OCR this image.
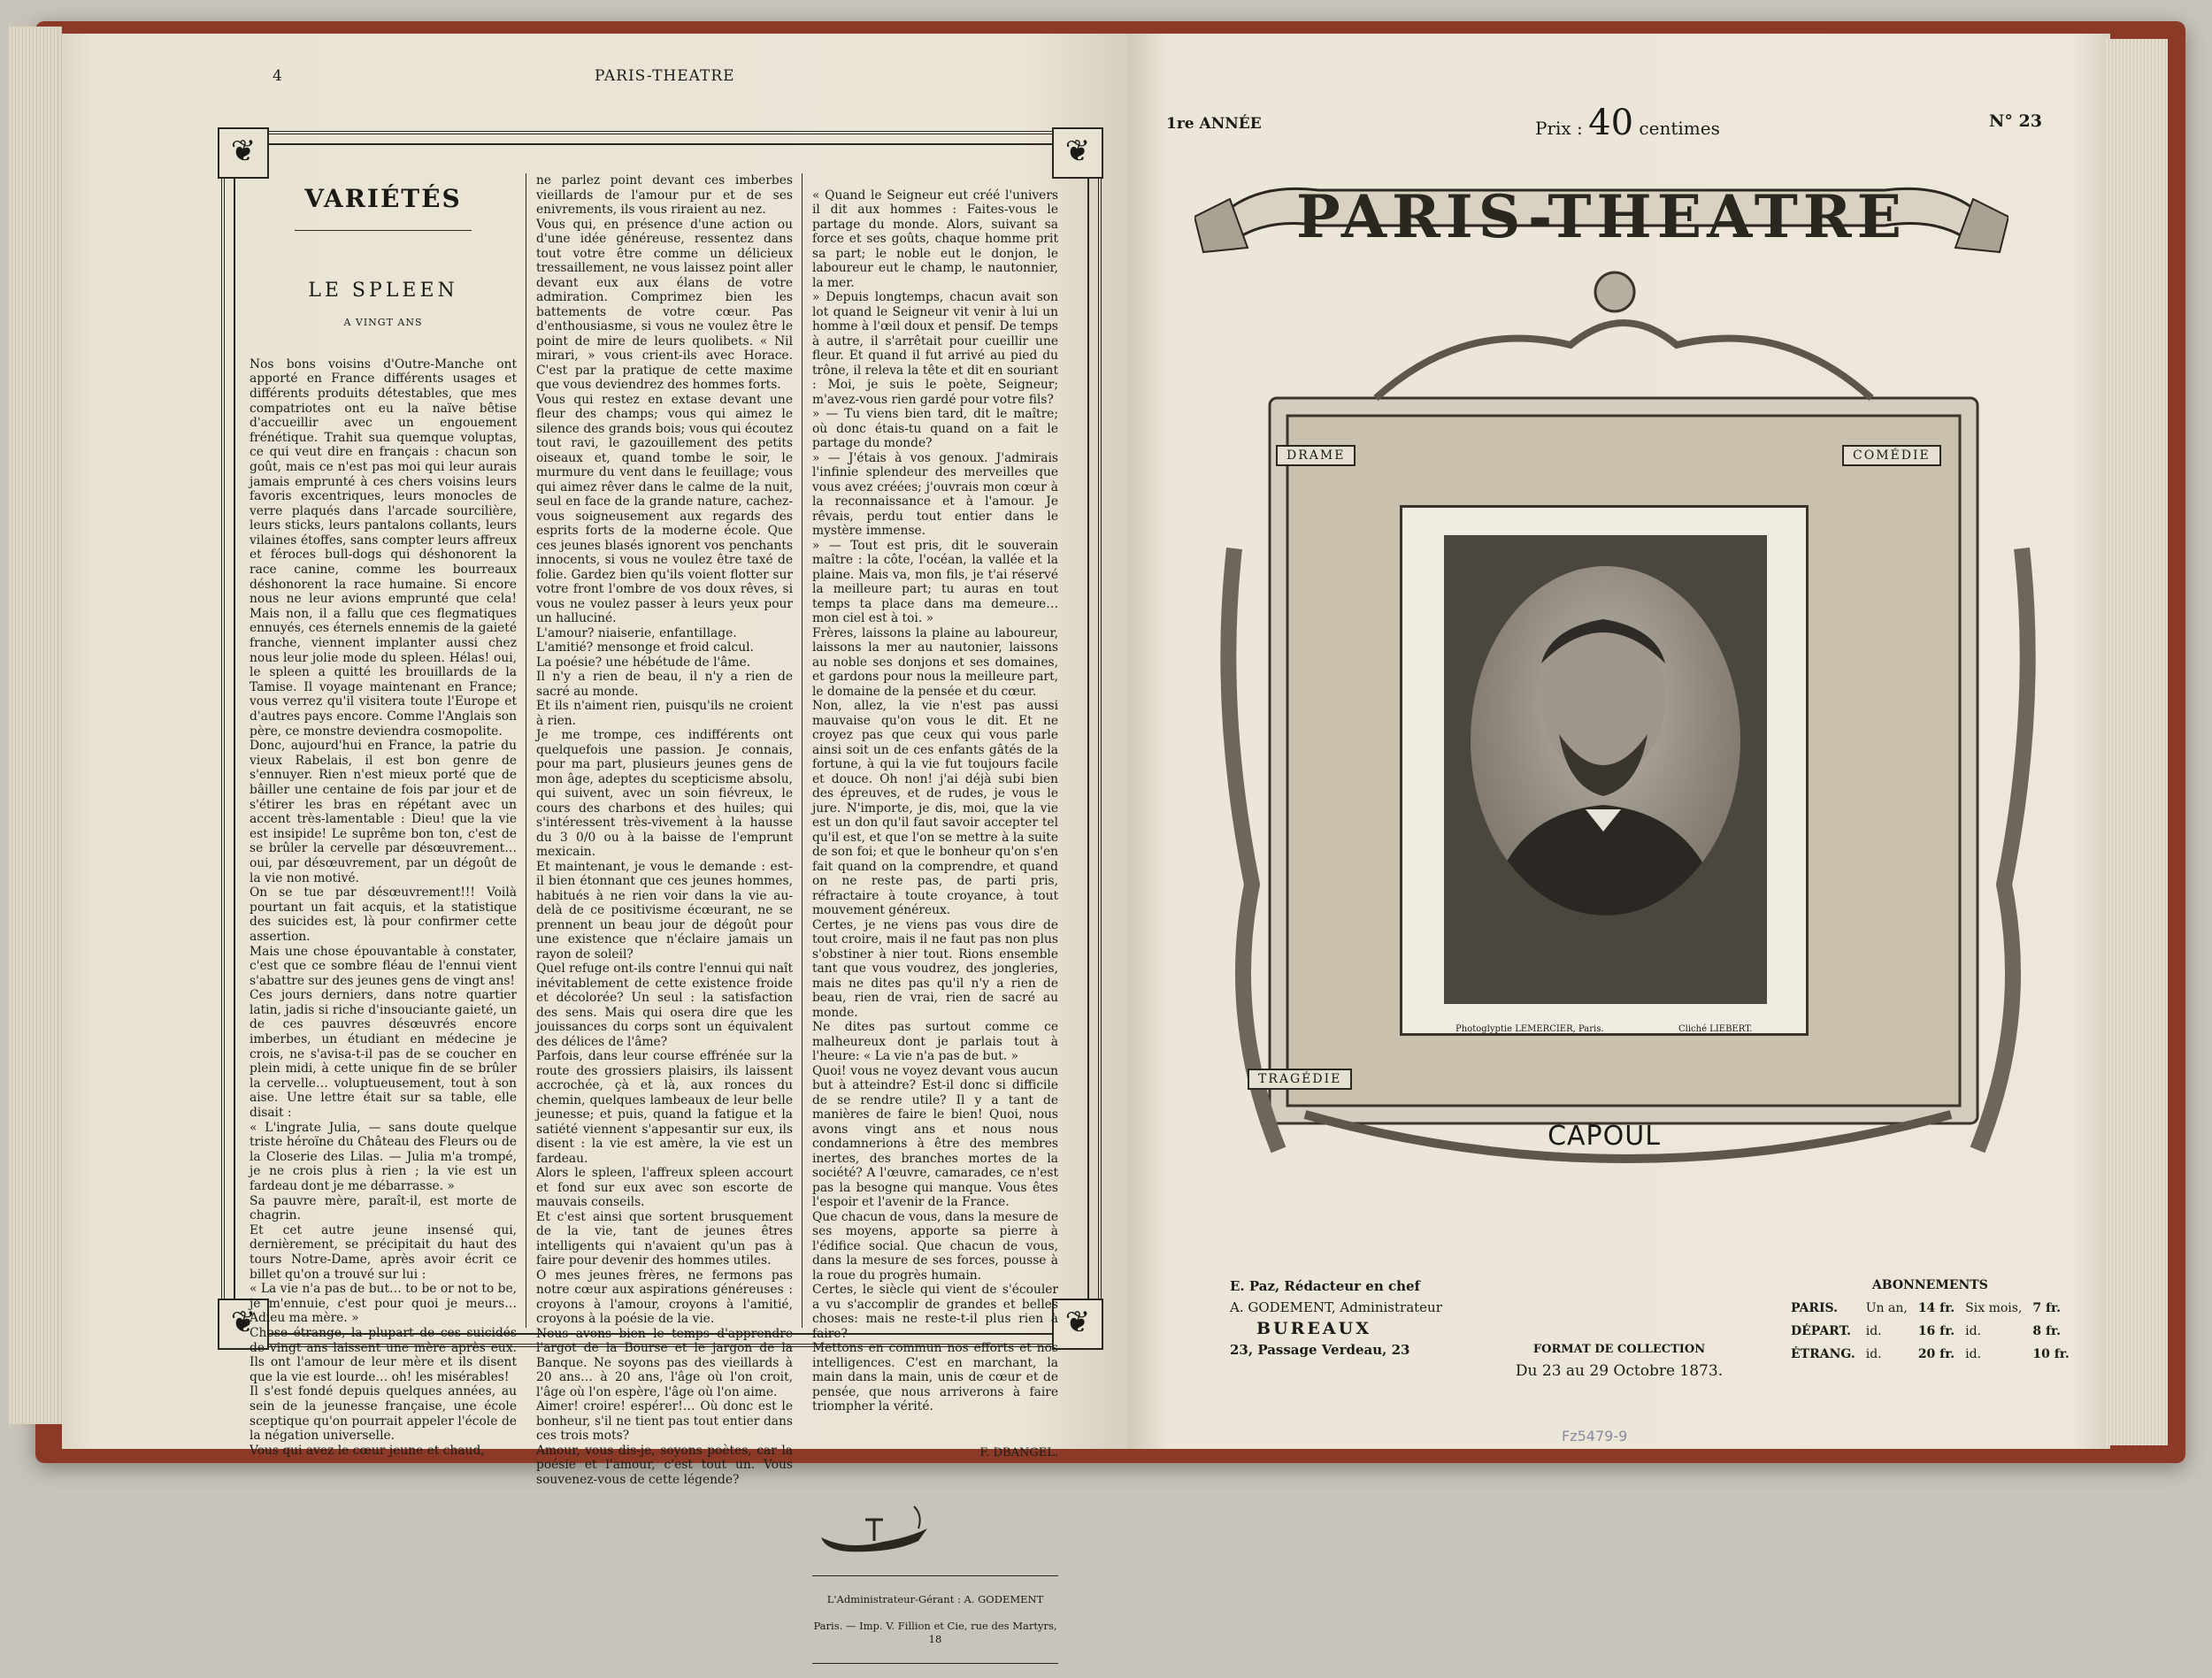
4	PARIS-THEATRE
❦	❦
❦	❦

VARIÉTÉS

LE SPLEEN

A VINGT ANS

Nos bons voisins d'Outre-Manche ont apporté en France différents usages et différents produits détestables, que mes compatriotes ont eu la naïve bêtise d'accueillir avec un engouement frénétique. Trahit sua quemque voluptas, ce qui veut dire en français : chacun son goût, mais ce n'est pas moi qui leur aurais jamais emprunté à ces chers voisins leurs favoris excentriques, leurs monocles de verre plaqués dans l'arcade sourcilière, leurs sticks, leurs pantalons collants, leurs vilaines étoffes, sans compter leurs affreux et féroces bull-dogs qui déshonorent la race canine, comme les bourreaux déshonorent la race humaine. Si encore nous ne leur avions emprunté que cela! Mais non, il a fallu que ces flegmatiques ennuyés, ces éternels ennemis de la gaieté franche, viennent implanter aussi chez nous leur jolie mode du spleen. Hélas! oui, le spleen a quitté les brouillards de la Tamise. Il voyage maintenant en France; vous verrez qu'il visitera toute l'Europe et d'autres pays encore. Comme l'Anglais son père, ce monstre deviendra cosmopolite.
Donc, aujourd'hui en France, la patrie du vieux Rabelais, il est bon genre de s'ennuyer. Rien n'est mieux porté que de bâiller une centaine de fois par jour et de s'étirer les bras en répétant avec un accent très-lamentable : Dieu! que la vie est insipide! Le suprême bon ton, c'est de se brûler la cervelle par désœuvrement… oui, par désœuvrement, par un dégoût de la vie non motivé.
On se tue par désœuvrement!!! Voilà pourtant un fait acquis, et la statistique des suicides est, là pour confirmer cette assertion.
Mais une chose épouvantable à constater, c'est que ce sombre fléau de l'ennui vient s'abattre sur des jeunes gens de vingt ans!
Ces jours derniers, dans notre quartier latin, jadis si riche d'insouciante gaieté, un de ces pauvres désœuvrés encore imberbes, un étudiant en médecine je crois, ne s'avisa-t-il pas de se coucher en plein midi, à cette unique fin de se brûler la cervelle… voluptueusement, tout à son aise. Une lettre était sur sa table, elle disait :
« L'ingrate Julia, — sans doute quelque triste héroïne du Château des Fleurs ou de la Closerie des Lilas. — Julia m'a trompé, je ne crois plus à rien ; la vie est un fardeau dont je me débarrasse. »
Sa pauvre mère, paraît-il, est morte de chagrin.
Et cet autre jeune insensé qui, dernièrement, se précipitait du haut des tours Notre-Dame, après avoir écrit ce billet qu'on a trouvé sur lui :
« La vie n'a pas de but… to be or not to be, je m'ennuie, c'est pour quoi je meurs… Adieu ma mère. »
Chose étrange, la plupart de ces suicidés de vingt ans laissent une mère après eux. Ils ont l'amour de leur mère et ils disent que la vie est lourde… oh! les misérables!
Il s'est fondé depuis quelques années, au sein de la jeunesse française, une école sceptique qu'on pourrait appeler l'école de la négation universelle.
Vous qui avez le cœur jeune et chaud,

ne parlez point devant ces imberbes vieillards de l'amour pur et de ses enivrements, ils vous riraient au nez.
Vous qui, en présence d'une action ou d'une idée généreuse, ressentez dans tout votre être comme un délicieux tressaillement, ne vous laissez point aller devant eux aux élans de votre admiration. Comprimez bien les battements de votre cœur. Pas d'enthousiasme, si vous ne voulez être le point de mire de leurs quolibets. « Nil mirari, » vous crient-ils avec Horace. C'est par la pratique de cette maxime que vous deviendrez des hommes forts.
Vous qui restez en extase devant une fleur des champs; vous qui aimez le silence des grands bois; vous qui écoutez tout ravi, le gazouillement des petits oiseaux et, quand tombe le soir, le murmure du vent dans le feuillage; vous qui aimez rêver dans le calme de la nuit, seul en face de la grande nature, cachez-vous soigneusement aux regards des esprits forts de la moderne école. Que ces jeunes blasés ignorent vos penchants innocents, si vous ne voulez être taxé de folie. Gardez bien qu'ils voient flotter sur votre front l'ombre de vos doux rêves, si vous ne voulez passer à leurs yeux pour un halluciné.
L'amour? niaiserie, enfantillage.
L'amitié? mensonge et froid calcul.
La poésie? une hébétude de l'âme.
Il n'y a rien de beau, il n'y a rien de sacré au monde.
Et ils n'aiment rien, puisqu'ils ne croient à rien.
Je me trompe, ces indifférents ont quelquefois une passion. Je connais, pour ma part, plusieurs jeunes gens de mon âge, adeptes du scepticisme absolu, qui suivent, avec un soin fiévreux, le cours des charbons et des huiles; qui s'intéressent très-vivement à la hausse du 3 0/0 ou à la baisse de l'emprunt mexicain.
Et maintenant, je vous le demande : est-il bien étonnant que ces jeunes hommes, habitués à ne rien voir dans la vie au-delà de ce positivisme écœurant, ne se prennent un beau jour de dégoût pour une existence que n'éclaire jamais un rayon de soleil?
Quel refuge ont-ils contre l'ennui qui naît inévitablement de cette existence froide et décolorée? Un seul : la satisfaction des sens. Mais qui osera dire que les jouissances du corps sont un équivalent des délices de l'âme?
Parfois, dans leur course effrénée sur la route des grossiers plaisirs, ils laissent accrochée, çà et là, aux ronces du chemin, quelques lambeaux de leur belle jeunesse; et puis, quand la fatigue et la satiété viennent s'appesantir sur eux, ils disent : la vie est amère, la vie est un fardeau.
Alors le spleen, l'affreux spleen accourt et fond sur eux avec son escorte de mauvais conseils.
Et c'est ainsi que sortent brusquement de la vie, tant de jeunes êtres intelligents qui n'avaient qu'un pas à faire pour devenir des hommes utiles.
O mes jeunes frères, ne fermons pas notre cœur aux aspirations généreuses : croyons à l'amour, croyons à l'amitié, croyons à la poésie de la vie.
Nous avons bien le temps d'apprendre l'argot de la Bourse et le jargon de la Banque. Ne soyons pas des vieillards à 20 ans… à 20 ans, l'âge où l'on croit, l'âge où l'on espère, l'âge où l'on aime.
Aimer! croire! espérer!… Où donc est le bonheur, s'il ne tient pas tout entier dans ces trois mots?
Amour, vous dis-je, soyons poètes, car la poésie et l'amour, c'est tout un. Vous souvenez-vous de cette légende?

« Quand le Seigneur eut créé l'univers il dit aux hommes : Faites-vous le partage du monde. Alors, suivant sa force et ses goûts, chaque homme prit sa part; le noble eut le donjon, le laboureur eut le champ, le nautonnier, la mer.
» Depuis longtemps, chacun avait son lot quand le Seigneur vit venir à lui un homme à l'œil doux et pensif. De temps à autre, il s'arrêtait pour cueillir une fleur. Et quand il fut arrivé au pied du trône, il releva la tête et dit en souriant : Moi, je suis le poète, Seigneur; m'avez-vous rien gardé pour votre fils?
» — Tu viens bien tard, dit le maître; où donc étais-tu quand on a fait le partage du monde?
» — J'étais à vos genoux. J'admirais l'infinie splendeur des merveilles que vous avez créées; j'ouvrais mon cœur à la reconnaissance et à l'amour. Je rêvais, perdu tout entier dans le mystère immense.
» — Tout est pris, dit le souverain maître : la côte, l'océan, la vallée et la plaine. Mais va, mon fils, je t'ai réservé la meilleure part; tu auras en tout temps ta place dans ma demeure… mon ciel est à toi. »
Frères, laissons la plaine au laboureur, laissons la mer au nautonier, laissons au noble ses donjons et ses domaines, et gardons pour nous la meilleure part, le domaine de la pensée et du cœur.
Non, allez, la vie n'est pas aussi mauvaise qu'on vous le dit. Et ne croyez pas que ceux qui vous parle ainsi soit un de ces enfants gâtés de la fortune, à qui la vie fut toujours facile et douce. Oh non! j'ai déjà subi bien des épreuves, et de rudes, je vous le jure. N'importe, je dis, moi, que la vie est un don qu'il faut savoir accepter tel qu'il est, et que l'on se mettre à la suite de son foi; et que le bonheur qu'on s'en fait quand on la comprendre, et quand on ne reste pas, de parti pris, réfractaire à toute croyance, à tout mouvement généreux.
Certes, je ne viens pas vous dire de tout croire, mais il ne faut pas non plus s'obstiner à nier tout. Rions ensemble tant que vous voudrez, des jongleries, mais ne dites pas qu'il n'y a rien de beau, rien de vrai, rien de sacré au monde.
Ne dites pas surtout comme ce malheureux dont je parlais tout à l'heure: « La vie n'a pas de but. »
Quoi! vous ne voyez devant vous aucun but à atteindre? Est-il donc si difficile de se rendre utile? Il y a tant de manières de faire le bien! Quoi, nous avons vingt ans et nous nous condamnerions à être des membres inertes, des branches mortes de la société? A l'œuvre, camarades, ce n'est pas la besogne qui manque. Vous êtes l'espoir et l'avenir de la France.
Que chacun de vous, dans la mesure de ses moyens, apporte sa pierre à l'édifice social. Que chacun de vous, dans la mesure de ses forces, pousse à la roue du progrès humain.
Certes, le siècle qui vient de s'écouler a vu s'accomplir de grandes et belles choses: mais ne reste-t-il plus rien à faire?
Mettons en commun nos efforts et nos intelligences. C'est en marchant, la main dans la main, unis de cœur et de pensée, que nous arriverons à faire triompher la vérité.

F. DBANGEL.

L'Administrateur-Gérant : A. GODEMENT

Paris. — Imp. V. Fillion et Cie, rue des Martyrs, 18

1re ANNÉE	Prix : 40 centimes	N° 23
PARIS-THEATRE
DRAME	COMÉDIE
TRAGÉDIE
Photoglyptie LEMERCIER, Paris.	Cliché LIEBERT.
CAPOUL
E. Paz, Rédacteur en chef
A. GODEMENT, Administrateur
BUREAUX
23, Passage Verdeau, 23	FORMAT DE COLLECTION
Du 23 au 29 Octobre 1873.
ABONNEMENTS
PARIS.	Un an,	14 fr.	Six mois,	7 fr.
DÉPART.	id.	16 fr.	id.	8 fr.
ÉTRANG.	id.	20 fr.	id.	10 fr.
Fz5479-9
